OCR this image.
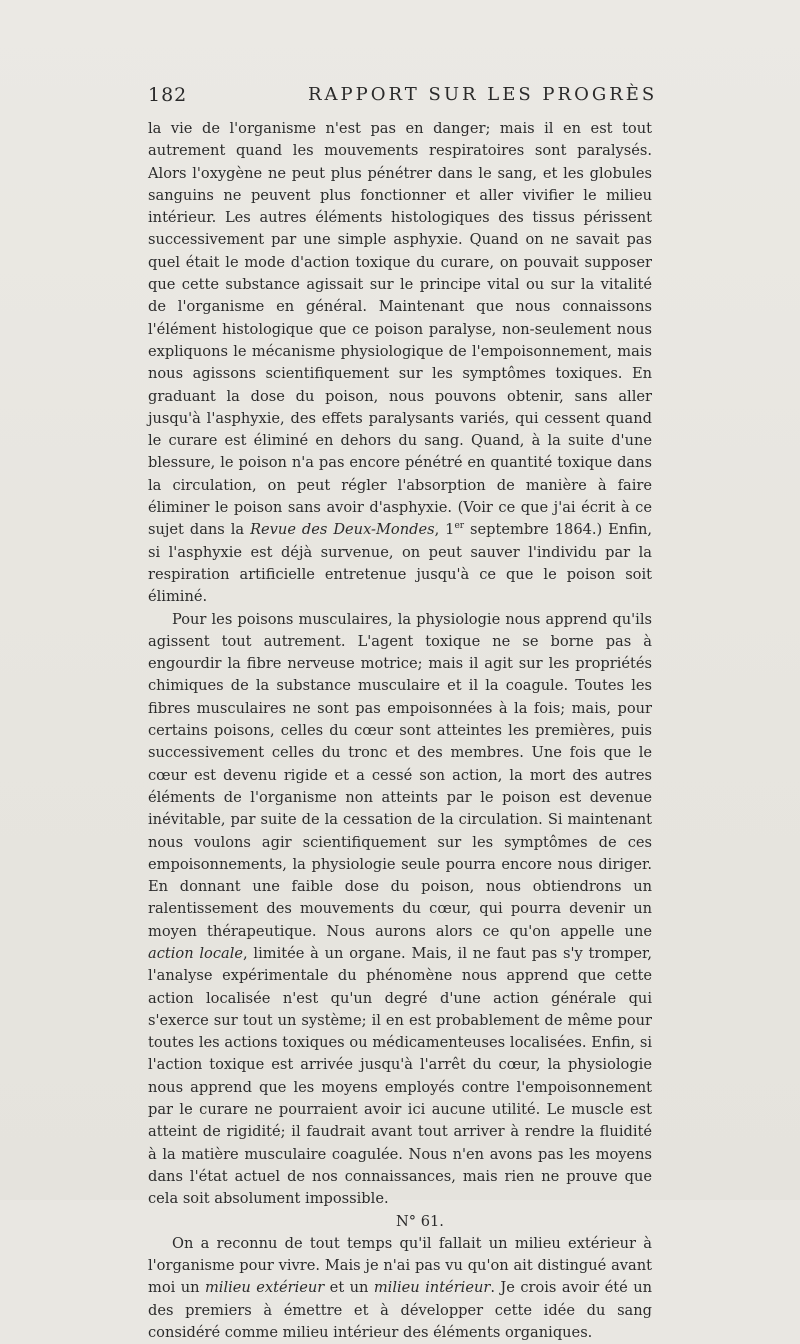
182	RAPPORT SUR LES PROGRÈS

la vie de l'organisme n'est pas en danger; mais il en est tout autrement quand les mouvements respiratoires sont paralysés. Alors l'oxygène ne peut plus pénétrer dans le sang, et les globules sanguins ne peuvent plus fonctionner et aller vivifier le milieu intérieur. Les autres éléments histologiques des tissus périssent successivement par une simple asphyxie. Quand on ne savait pas quel était le mode d'action toxique du curare, on pouvait supposer que cette substance agissait sur le principe vital ou sur la vitalité de l'organisme en général. Maintenant que nous connaissons l'élément histologique que ce poison paralyse, non-seulement nous expliquons le mécanisme physiologique de l'empoisonnement, mais nous agissons scientifiquement sur les symptômes toxiques. En graduant la dose du poison, nous pouvons obtenir, sans aller jusqu'à l'asphyxie, des effets paralysants variés, qui cessent quand le curare est éliminé en dehors du sang. Quand, à la suite d'une blessure, le poison n'a pas encore pénétré en quantité toxique dans la circulation, on peut régler l'absorption de manière à faire éliminer le poison sans avoir d'asphyxie. (Voir ce que j'ai écrit à ce sujet dans la Revue des Deux-Mondes, 1er septembre 1864.) Enfin, si l'asphyxie est déjà survenue, on peut sauver l'individu par la respiration artificielle entretenue jusqu'à ce que le poison soit éliminé.

Pour les poisons musculaires, la physiologie nous apprend qu'ils agissent tout autrement. L'agent toxique ne se borne pas à engourdir la fibre nerveuse motrice; mais il agit sur les propriétés chimiques de la substance musculaire et il la coagule. Toutes les fibres musculaires ne sont pas empoisonnées à la fois; mais, pour certains poisons, celles du cœur sont atteintes les premières, puis successivement celles du tronc et des membres. Une fois que le cœur est devenu rigide et a cessé son action, la mort des autres éléments de l'organisme non atteints par le poison est devenue inévitable, par suite de la cessation de la circulation. Si maintenant nous voulons agir scientifiquement sur les symptômes de ces empoisonnements, la physiologie seule pourra encore nous diriger. En donnant une faible dose du poison, nous obtiendrons un ralentissement des mouvements du cœur, qui pourra devenir un moyen thérapeutique. Nous aurons alors ce qu'on appelle une action locale, limitée à un organe. Mais, il ne faut pas s'y tromper, l'analyse expérimentale du phénomène nous apprend que cette action localisée n'est qu'un degré d'une action générale qui s'exerce sur tout un système; il en est probablement de même pour toutes les actions toxiques ou médicamenteuses localisées. Enfin, si l'action toxique est arrivée jusqu'à l'arrêt du cœur, la physiologie nous apprend que les moyens employés contre l'empoisonnement par le curare ne pourraient avoir ici aucune utilité. Le muscle est atteint de rigidité; il faudrait avant tout arriver à rendre la fluidité à la matière musculaire coagulée. Nous n'en avons pas les moyens dans l'état actuel de nos connaissances, mais rien ne prouve que cela soit absolument impossible.

N° 61.

On a reconnu de tout temps qu'il fallait un milieu extérieur à l'organisme pour vivre. Mais je n'ai pas vu qu'on ait distingué avant moi un milieu extérieur et un milieu intérieur. Je crois avoir été un des premiers à émettre et à développer cette idée du sang considéré comme milieu intérieur des éléments organiques.
